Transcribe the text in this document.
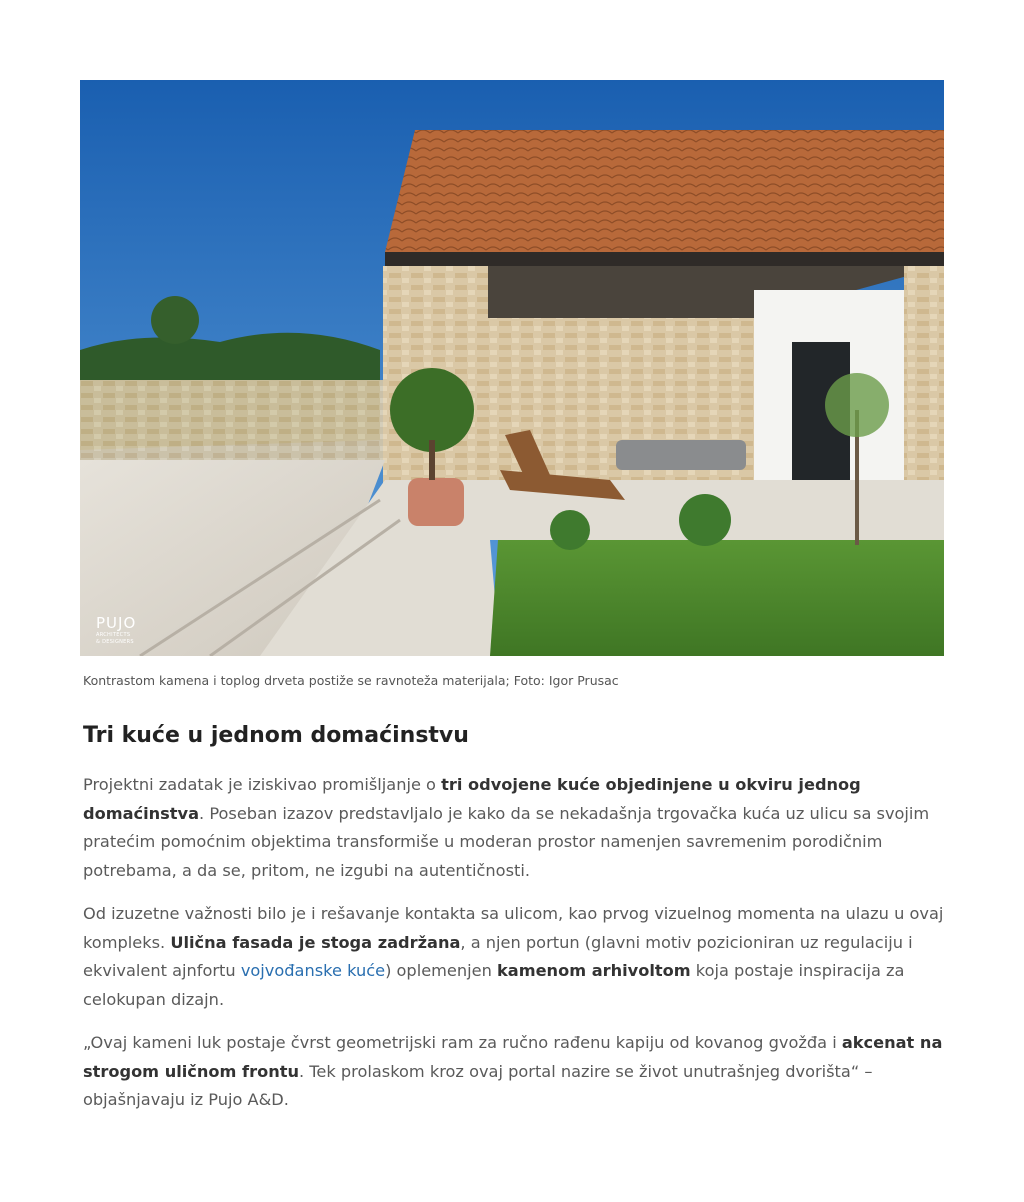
PUJO
ARCHITECTS
& DESIGNERS

Kontrastom kamena i toplog drveta postiže se ravnoteža materijala; Foto: Igor Prusac

Tri kuće u jednom domaćinstvu

Projektni zadatak je iziskivao promišljanje o tri odvojene kuće objedinjene u okviru jednog domaćinstva. Poseban izazov predstavljalo je kako da se nekadašnja trgovačka kuća uz ulicu sa svojim pratećim pomoćnim objektima transformiše u moderan prostor namenjen savremenim porodičnim potrebama, a da se, pritom, ne izgubi na autentičnosti.

Od izuzetne važnosti bilo je i rešavanje kontakta sa ulicom, kao prvog vizuelnog momenta na ulazu u ovaj kompleks. Ulična fasada je stoga zadržana, a njen portun (glavni motiv pozicioniran uz regulaciju i ekvivalent ajnfortu vojvođanske kuće) oplemenjen kamenom arhivoltom koja postaje inspiracija za celokupan dizajn.

„Ovaj kameni luk postaje čvrst geometrijski ram za ručno rađenu kapiju od kovanog gvožđa i akcenat na strogom uličnom frontu. Tek prolaskom kroz ovaj portal nazire se život unutrašnjeg dvorišta“ – objašnjavaju iz Pujo A&D.
